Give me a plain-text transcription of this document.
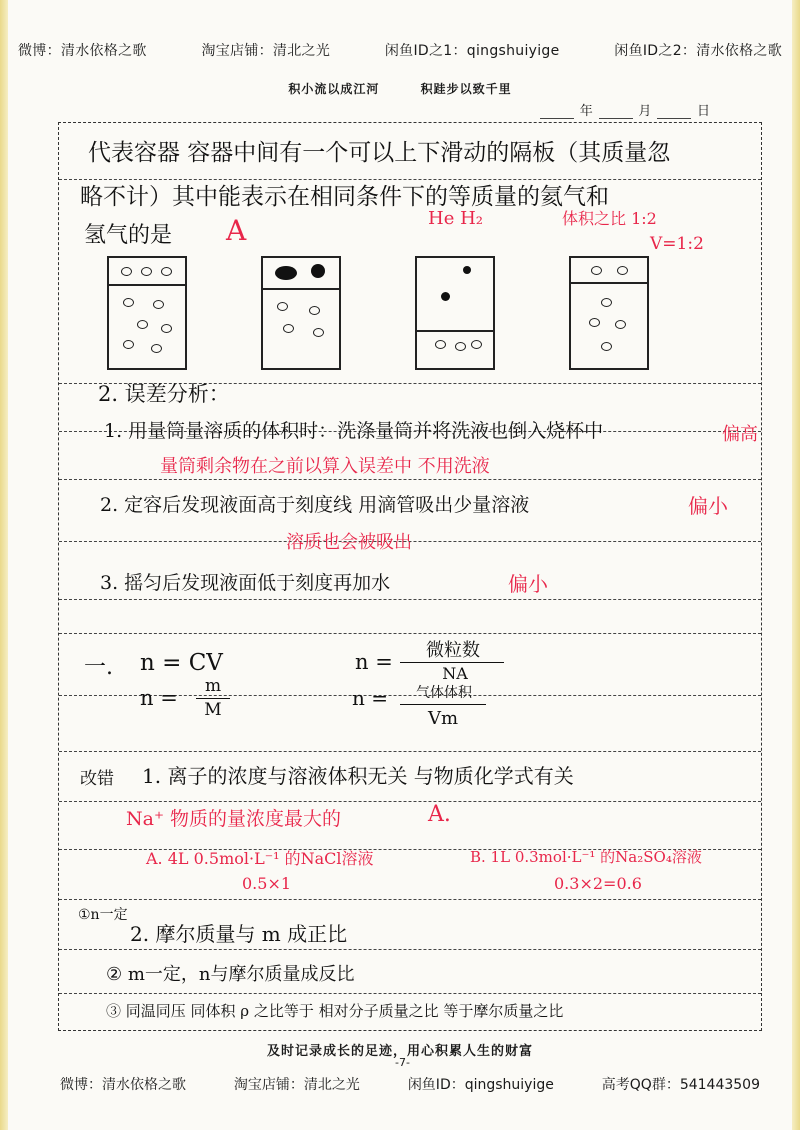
微博：清水依格之歌	淘宝店铺：清北之光	闲鱼ID之1：qingshuiyige	闲鱼ID之2：清水依格之歌
积小流以成江河	积跬步以致千里
年	月	日
代表容器 容器中间有一个可以上下滑动的隔板（其质量忽
略不计）其中能表示在相同条件下的等质量的氦气和
氢气的是 A	He H₂	体积之比 1:2
V=1:2
2. 误差分析：
1. 用量筒量溶质的体积时：洗涤量筒并将洗液也倒入烧杯中	偏高
量筒剩余物在之前以算入误差中 不用洗液
2. 定容后发现液面高于刻度线 用滴管吸出少量溶液	偏小
溶质也会被吸出
3. 摇匀后发现液面低于刻度再加水	偏小
一. n = CV
n =	m
M
n =	微粒数
NA
n =	气体体积
Vm
改错 1. 离子的浓度与溶液体积无关 与物质化学式有关
Na⁺ 物质的量浓度最大的	A.
A. 4L 0.5mol·L⁻¹ 的NaCl溶液	B. 1L 0.3mol·L⁻¹ 的Na₂SO₄溶液
0.5×1	0.3×2=0.6
①n一定
2. 摩尔质量与 m 成正比
② m一定，n与摩尔质量成反比
③ 同温同压 同体积 ρ 之比等于 相对分子质量之比 等于摩尔质量之比
及时记录成长的足迹，用心积累人生的财富
-7-
微博：清水依格之歌	淘宝店铺：清北之光	闲鱼ID：qingshuiyige	高考QQ群：541443509
